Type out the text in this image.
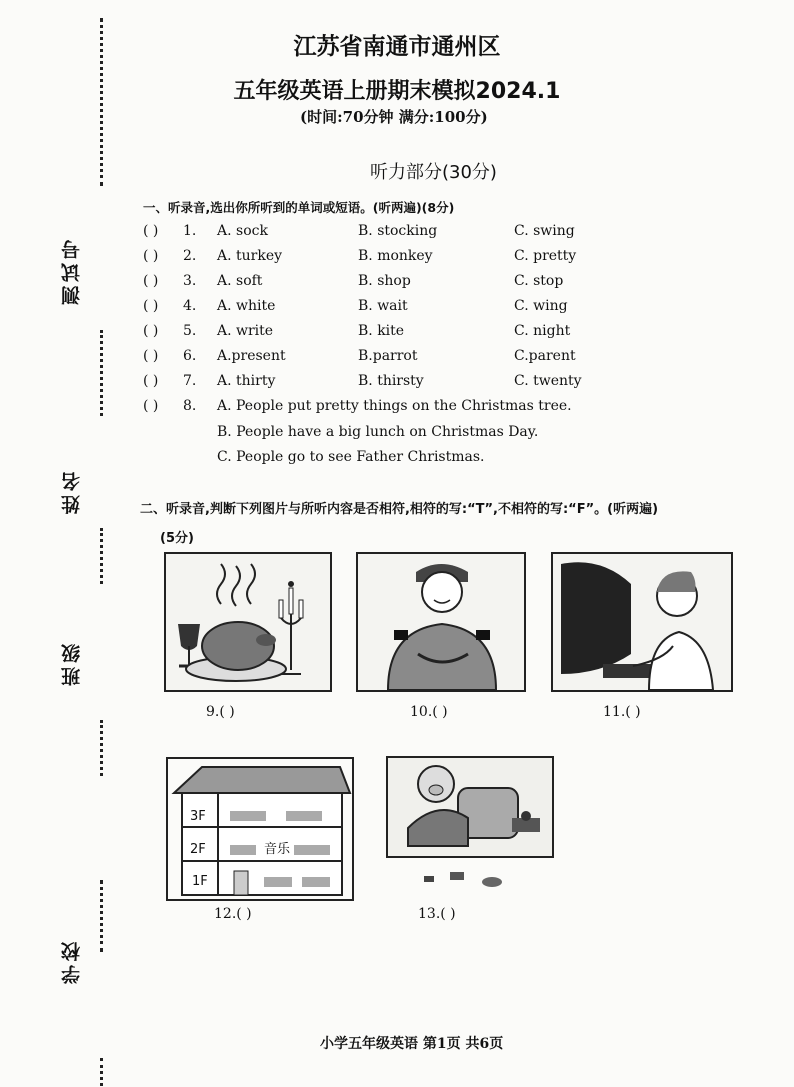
测试号
姓名
班级
学校
江苏省南通市通州区
五年级英语上册期末模拟2024.1
(时间:70分钟 满分:100分)
听力部分(30分)
一、听录音,选出你所听到的单词或短语。(听两遍)(8分)
( ) 1. A. sock	B. stocking	C. swing
( ) 2. A. turkey	B. monkey	C. pretty
( ) 3. A. soft	B. shop	C. stop
( ) 4. A. white	B. wait	C. wing
( ) 5. A. write	B. kite	C. night
( ) 6. A.present	B.parrot	C.parent
( ) 7. A. thirty	B. thirsty	C. twenty
( ) 8. A. People put pretty things on the Christmas tree.
B. People have a big lunch on Christmas Day.
C. People go to see Father Christmas.
二、听录音,判断下列图片与所听内容是否相符,相符的写:“T”,不相符的写:“F”。(听两遍)
(5分)
9.( )	10.( )	11.( )
3F
2F
1F
音乐
12.( )	13.( )
小学五年级英语 第1页 共6页
